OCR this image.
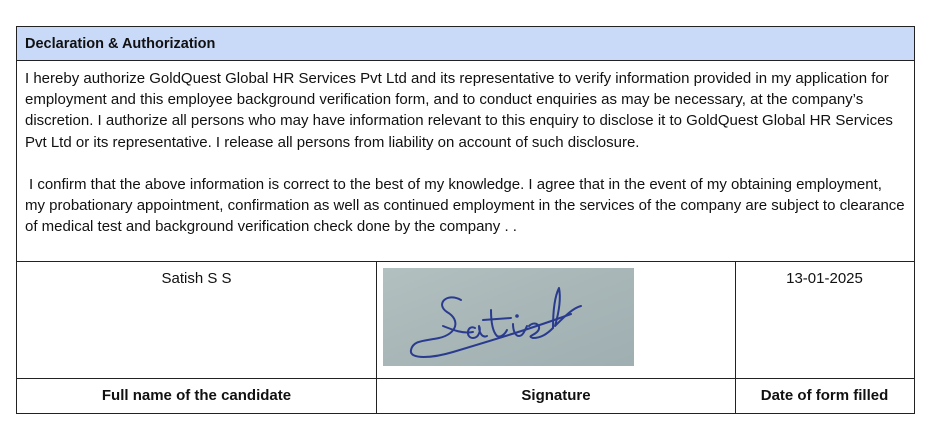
Declaration & Authorization

I hereby authorize GoldQuest Global HR Services Pvt Ltd and its representative to verify information provided in my application for employment and this employee background verification form, and to conduct enquiries as may be necessary, at the company’s discretion. I authorize all persons who may have information relevant to this enquiry to disclose it to GoldQuest Global HR Services Pvt Ltd or its representative. I release all persons from liability on account of such disclosure.

I confirm that the above information is correct to the best of my knowledge. I agree that in the event of my obtaining employment, my probationary appointment, confirmation as well as continued employment in the services of the company are subject to clearance of medical test and background verification check done by the company . .

Satish S S	13-01-2025
Full name of the candidate	Signature	Date of form filled
